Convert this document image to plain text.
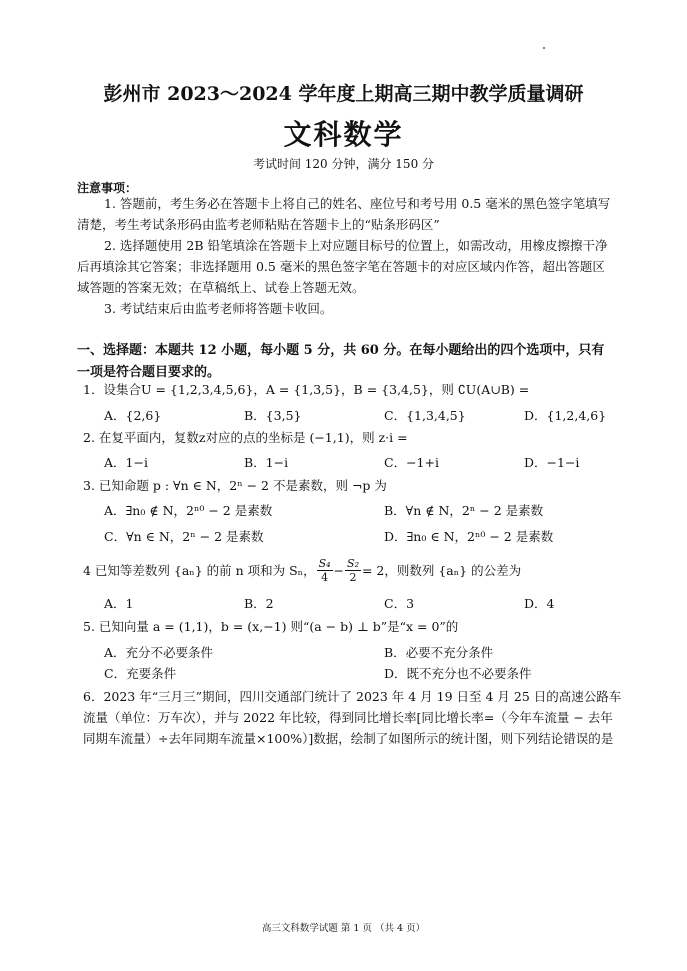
彭州市 2023～2024 学年度上期高三期中教学质量调研
文科数学
考试时间 120 分钟，满分 150 分
注意事项：
1. 答题前，考生务必在答题卡上将自己的姓名、座位号和考号用 0.5 毫米的黑色签字笔填写清楚，考生考试条形码由监考老师粘贴在答题卡上的“贴条形码区”
2. 选择题使用 2B 铅笔填涂在答题卡上对应题目标号的位置上，如需改动，用橡皮擦擦干净后再填涂其它答案；非选择题用 0.5 毫米的黑色签字笔在答题卡的对应区域内作答，超出答题区域答题的答案无效；在草稿纸上、试卷上答题无效。
3. 考试结束后由监考老师将答题卡收回。
一、选择题：本题共 12 小题，每小题 5 分，共 60 分。在每小题给出的四个选项中，只有一项是符合题目要求的。
1．设集合U = {1,2,3,4,5,6}，A = {1,3,5}，B = {3,4,5}，则 ∁U(A∪B) =
A．{2,6}	B．{3,5}	C．{1,3,4,5}	D．{1,2,4,6}
2. 在复平面内，复数z对应的点的坐标是 (−1,1)，则 z·i =
A．1−i	B．1−i	C．−1+i	D．−1−i
3. 已知命题 p : ∀n ∈ N，2ⁿ − 2 不是素数，则 ¬p 为
A．∃n₀ ∉ N，2ⁿ⁰ − 2 是素数	B．∀n ∉ N，2ⁿ − 2 是素数
C．∀n ∈ N，2ⁿ − 2 是素数	D．∃n₀ ∈ N，2ⁿ⁰ − 2 是素数
4 已知等差数列 {aₙ} 的前 n 项和为 Sₙ， $\frac{\text{S₄}}{4} - \frac{\text{S₂}}{2} = 2$，则数列 {aₙ} 的公差为
A．1	B．2	C．3	D．4
5. 已知向量 a = (1,1)，b = (x,−1) 则“(a − b) ⊥ b”是“x = 0”的
A．充分不必要条件	B．必要不充分条件
C．充要条件	D．既不充分也不必要条件
6．2023 年“三月三”期间，四川交通部门统计了 2023 年 4 月 19 日至 4 月 25 日的高速公路车流量（单位：万车次），并与 2022 年比较，得到同比增长率[同比增长率=（今年车流量 − 去年同期车流量）÷去年同期车流量×100%）]数据，绘制了如图所示的统计图，则下列结论错误的是
高三文科数学试题 第 1 页 （共 4 页）
